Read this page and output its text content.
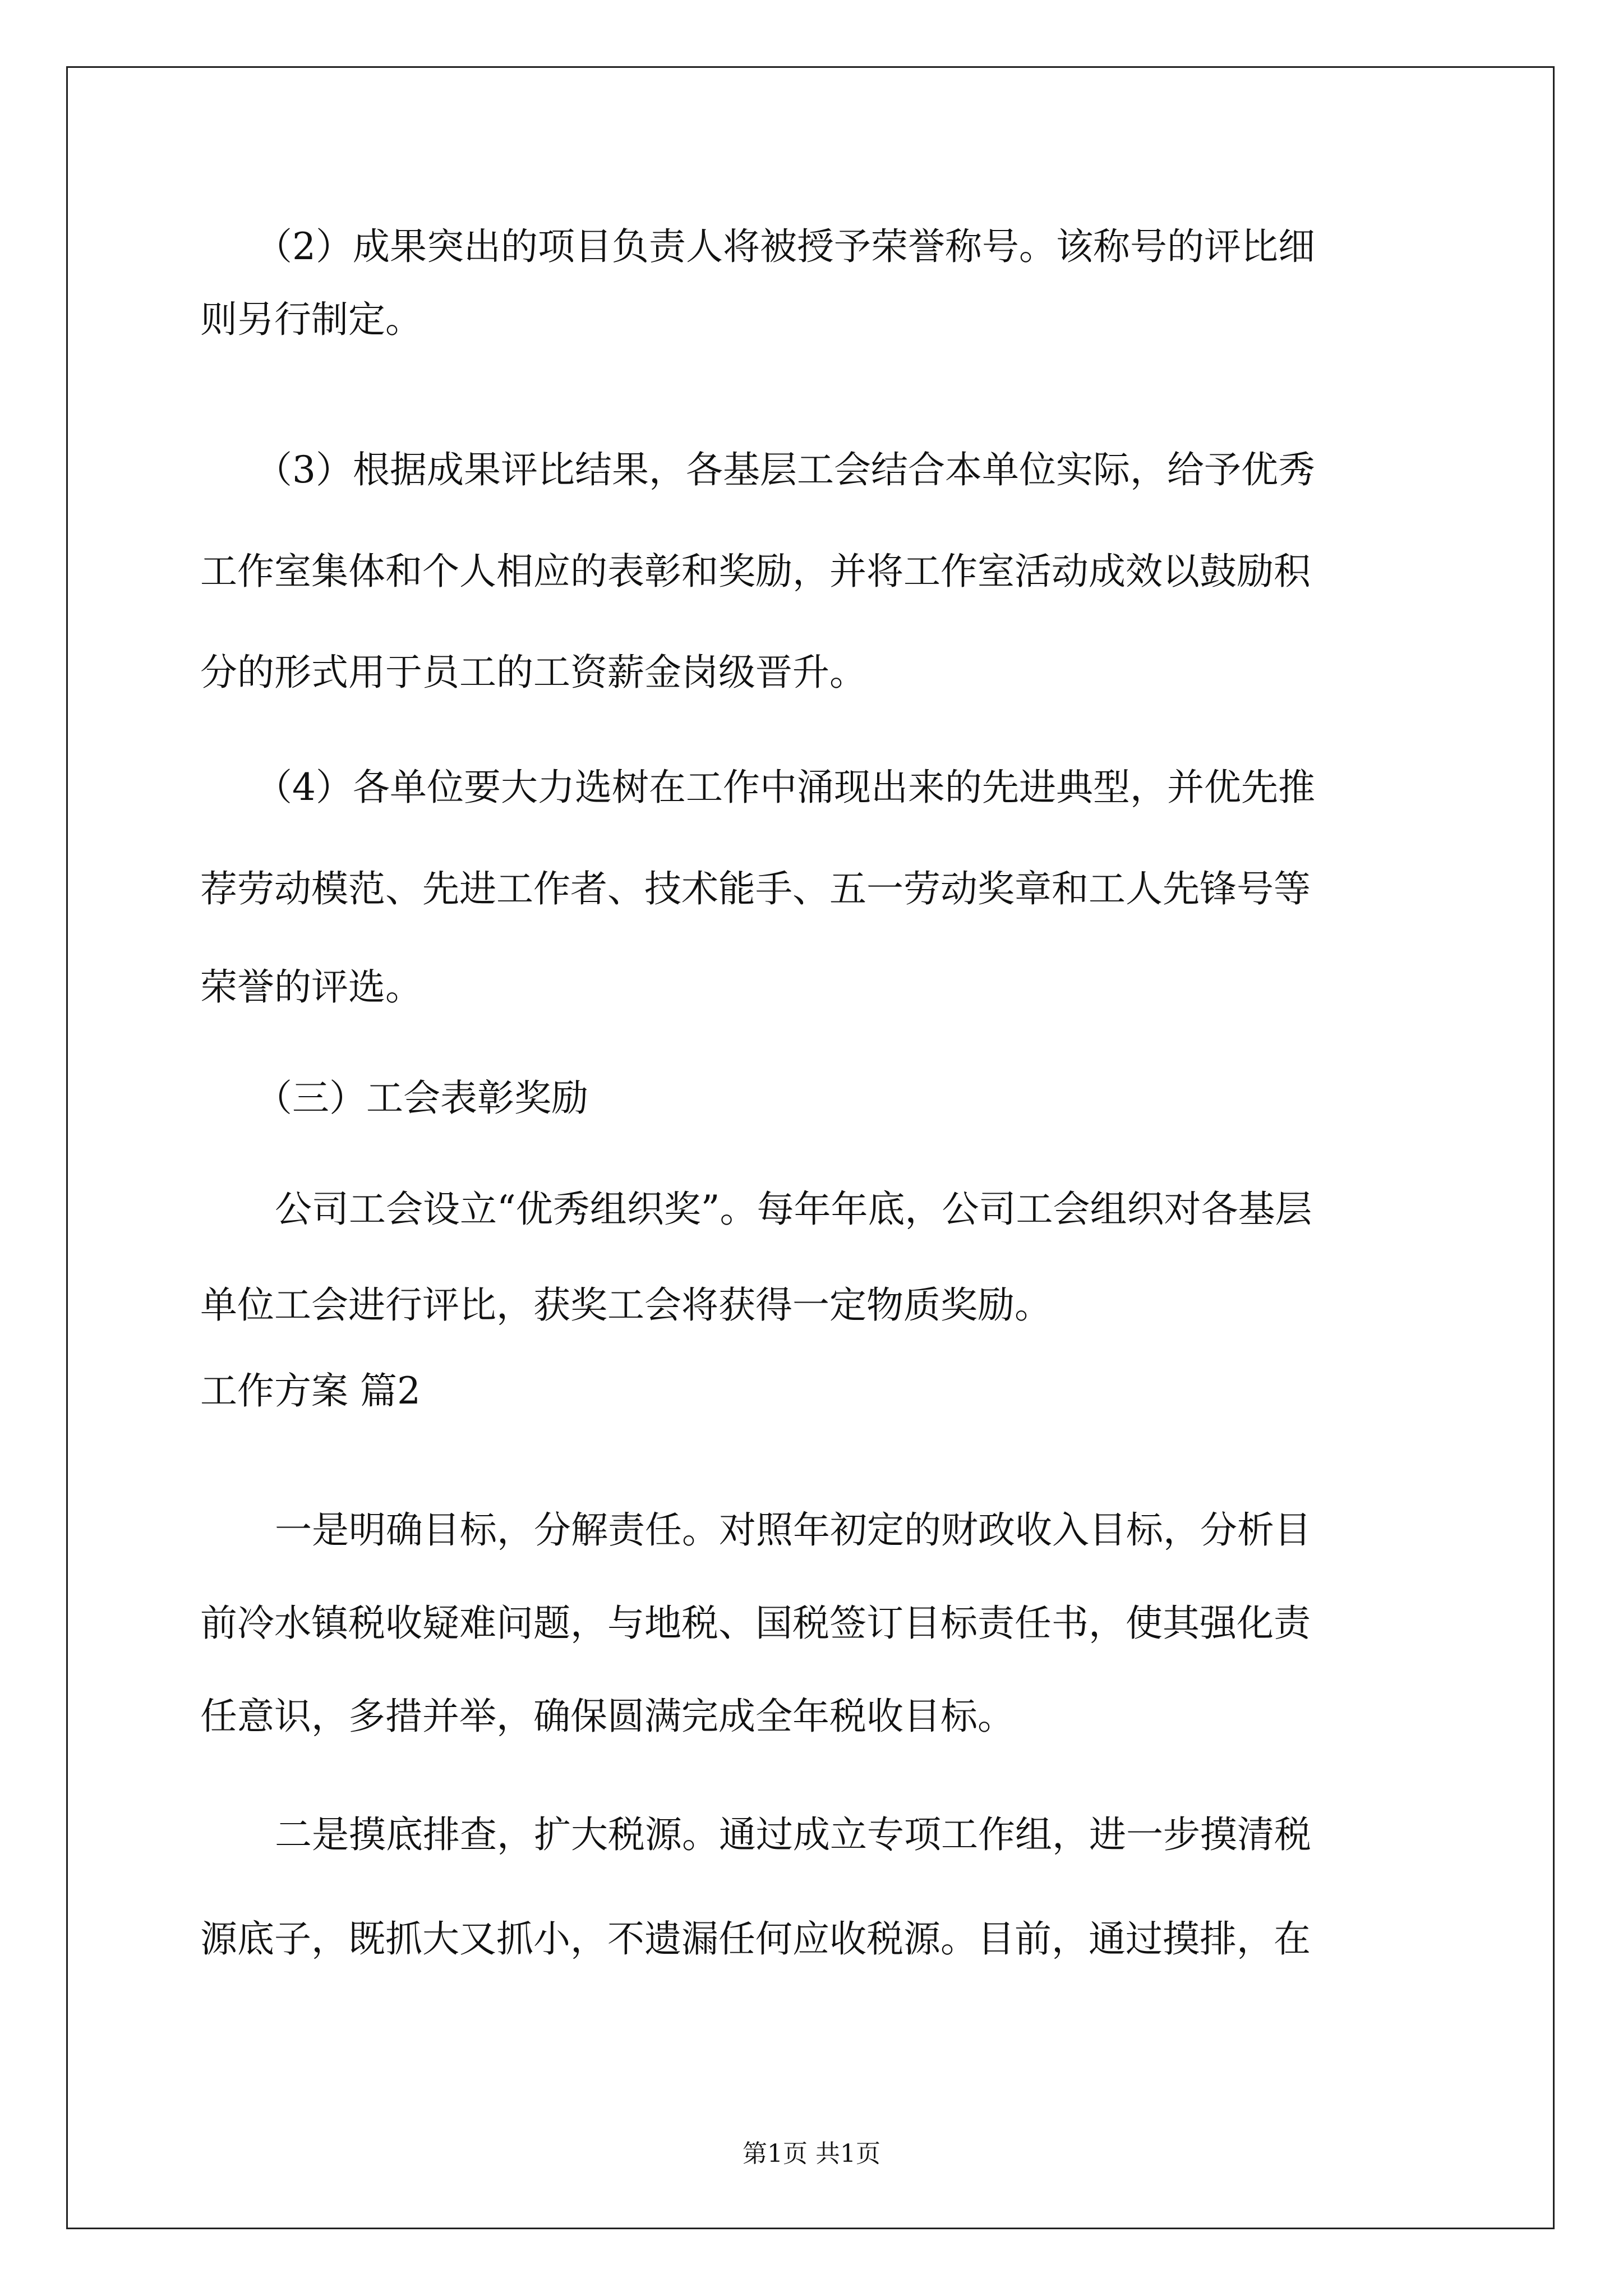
（2）成果突出的项目负责人将被授予荣誉称号。该称号的评比细

则另行制定。

（3）根据成果评比结果，各基层工会结合本单位实际，给予优秀

工作室集体和个人相应的表彰和奖励，并将工作室活动成效以鼓励积

分的形式用于员工的工资薪金岗级晋升。

（4）各单位要大力选树在工作中涌现出来的先进典型，并优先推

荐劳动模范、先进工作者、技术能手、五一劳动奖章和工人先锋号等

荣誉的评选。

（三）工会表彰奖励

公司工会设立“优秀组织奖”。每年年底，公司工会组织对各基层

单位工会进行评比，获奖工会将获得一定物质奖励。

工作方案 篇2

一是明确目标，分解责任。对照年初定的财政收入目标，分析目

前冷水镇税收疑难问题，与地税、国税签订目标责任书，使其强化责

任意识，多措并举，确保圆满完成全年税收目标。

二是摸底排查，扩大税源。通过成立专项工作组，进一步摸清税

源底子，既抓大又抓小，不遗漏任何应收税源。目前，通过摸排，在

第1页 共1页
